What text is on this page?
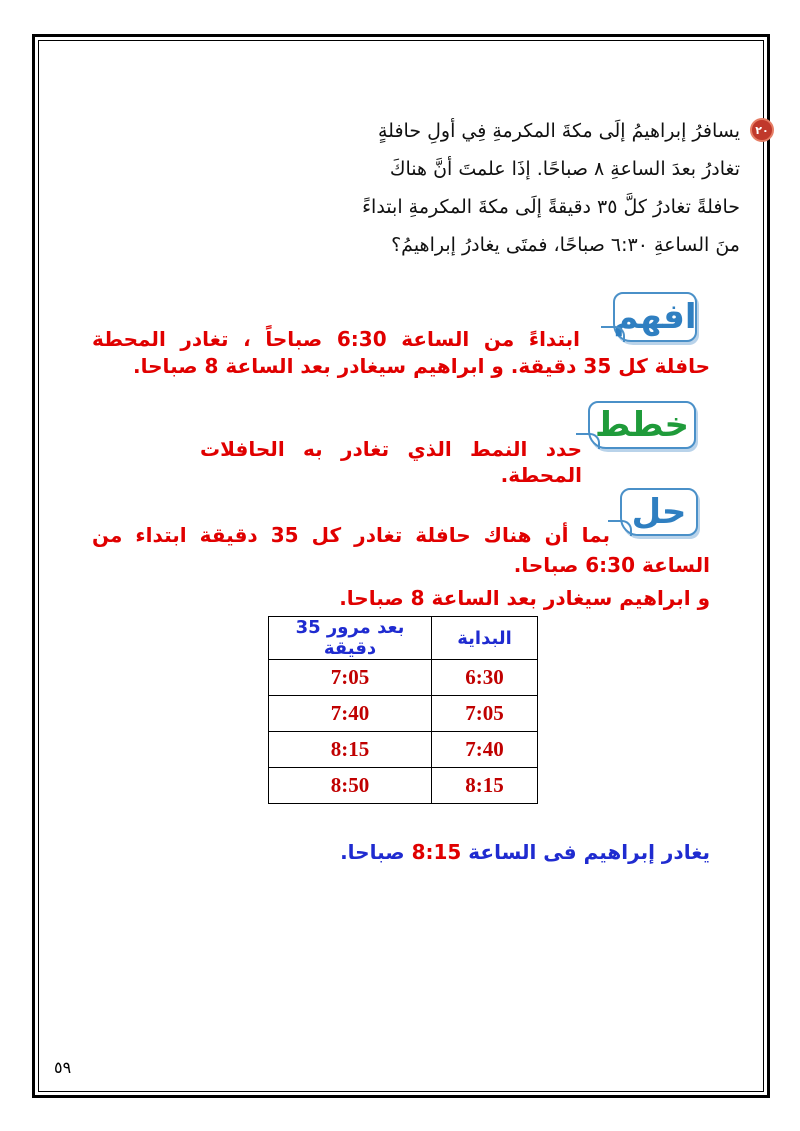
٢٠
يسافرُ إبراهيمُ إلَى مكةَ المكرمةِ فِي أولِ حافلةٍ
تغادرُ بعدَ الساعةِ ٨ صباحًا. إذَا علمتَ أنَّ هناكَ
حافلةً تغادرُ كلَّ ٣٥ دقيقةً إلَى مكةَ المكرمةِ ابتداءً
منَ الساعةِ ٦:٣٠ صباحًا، فمتَى يغادرُ إبراهيمُ؟
افهم
ابتداءً من الساعة 6:30 صباحاً ، تغادر المحطة حافلة كل 35 دقيقة. و ابراهيم سيغادر بعد الساعة 8 صباحا.
خطط
حدد النمط الذي تغادر به الحافلات المحطة.
حل
بما أن هناك حافلة تغادر كل 35 دقيقة ابتداء من الساعة 6:30 صباحا.
و ابراهيم سيغادر بعد الساعة 8 صباحا.
البداية	بعد مرور 35 دقيقة
6:30	7:05
7:05	7:40
7:40	8:15
8:15	8:50
يغادر إبراهيم فى الساعة 8:15 صباحا.
٥٩
